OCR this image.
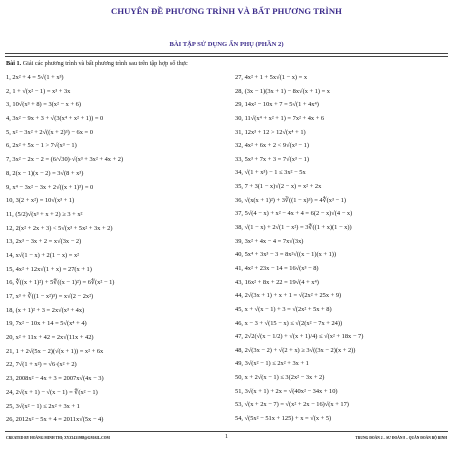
CHUYÊN ĐỀ PHƯƠNG TRÌNH VÀ BẤT PHƯƠNG TRÌNH
BÀI TẬP SỬ DỤNG ẨN PHỤ (PHẦN 2)
Bài 1. Giải các phương trình và bất phương trình sau trên tập hợp số thực
1, 2x² + 4 = 5√(1 + x³)
2, 1 + √(x² − 1) = x³ + 3x
3, 10√(x³ + 8) = 3(x² − x + 6)
4, 3x² − 9x + 3 + √(3(x⁴ + x² + 1)) = 0
5, x² − 3x² + 2√((x + 2)³) − 6x = 0
6, 2x² + 5x − 1 > 7√(x³ − 1)
7, 3x² − 2x − 2 = (6/√30)·√(x³ + 3x² + 4x + 2)
8, 2(x − 1)(x − 2) = 3√(8 + x³)
9, x⁴ − 3x² − 3x + 2√((x + 1)³) = 0
10, 3(2 + x²) = 10√(x³ + 1)
11, (5/2)√(x³ + x + 2) ≥ 3 + x²
12, 2(x² + 2x + 3) < 5√(x³ + 5x² + 3x + 2)
13, 2x³ − 3x + 2 = x√(3x − 2)
14, x√(1 − x) + 2(1 − x) = x²
15, 4x² + 12x√(1 + x) = 27(x + 1)
16, ∜((x + 1)²) + 5∜((x − 1)²) = 6∜(x² − 1)
17, x³ + ∛((1 − x²)³) = x√(2 − 2x²)
18, (x + 1)² + 3 = 2x√(x³ + 4x)
19, 7x² − 10x + 14 = 5√(x⁴ + 4)
20, x² + 11x + 42 = 2x√(11x + 42)
21, 1 + 2√(5x − 2)(√(x + 1)) = x² + 6x
22, 7√(1 + x²) = √6·(x² + 2)
23, 2008x² − 4x + 3 = 2007x√(4x − 3)
24, 2√(x + 1) − √(x − 1) = ∜(x² − 1)
25, 3√(x² − 1) ≤ 2x² + 3x + 1
26, 2012x² − 5x + 4 = 2011x√(5x − 4)
27, 4x² + 1 + 5x√(1 − x) = x
28, (3x − 1)(3x + 1) − 8x√(x + 1) = x
29, 14x² − 10x + 7 = 5√(1 + 4x⁴)
30, 11√(x⁴ + x² + 1) = 7x² + 4x + 6
31, 12x³ + 12 > 12√(x⁴ + 1)
32, 4x² + 6x + 2 < 9√(x³ − 1)
33, 5x³ + 7x + 3 = 7√(x³ − 1)
34, √(1 + x³) − 1 ≤ 3x² − 5x
35, 7 + 3(1 − x)√(2 − x) = x² + 2x
36, √(x(x + 1)²) + 3∛((1 − x)³) = 4∜(x³ − 1)
37, 5√(4 − x) + x² − 4x + 4 = 6(2 − x)√(4 − x)
38, √(1 − x) + 2√(1 − x²) = 3∜((1 + x)(1 − x))
39, 3x² + 4x − 4 = 7x√(3x)
40, 5x⁴ + 3x³ − 3 = 8x²√((x − 1)(x + 1))
41, 4x² + 23x − 14 = 16√(x³ − 8)
43, 16x² + 8x + 22 = 19√(4 + x⁴)
44, 2√(3x + 1) + x + 1 = √(2x² + 25x + 9)
45, x + √(x − 1) + 3 = √(2x² + 5x + 8)
46, x − 3 + √(15 − x) ≤ √(2(x² − 7x + 24))
47, 2√2(√(x − 1/2) + √(x + 1)/4) ≤ √(x² + 18x − 7)
48, 2√(3x − 2) + √(2 + x) ≥ 3√((3x − 2)(x + 2))
49, 3√(x² − 1) ≤ 2x² + 3x + 1
50, x + 2√(x − 1) ≤ 3(2x² − 3x + 2)
51, 3√(x + 1) + 2x = √(40x² − 34x + 10)
53, √(x + 2x − 7) = √(x² + 2x − 16)√(x + 17)
54, √(5x² − 51x + 125) + x = √(x + 5)
CREATED BY HOÀNG MINH THI; XYZ1431988@GMAIL.COM	1	TRUNG ĐOÀN 2 – SƯ ĐOÀN 8 – QUÂN ĐOÀN BỘ BINH
